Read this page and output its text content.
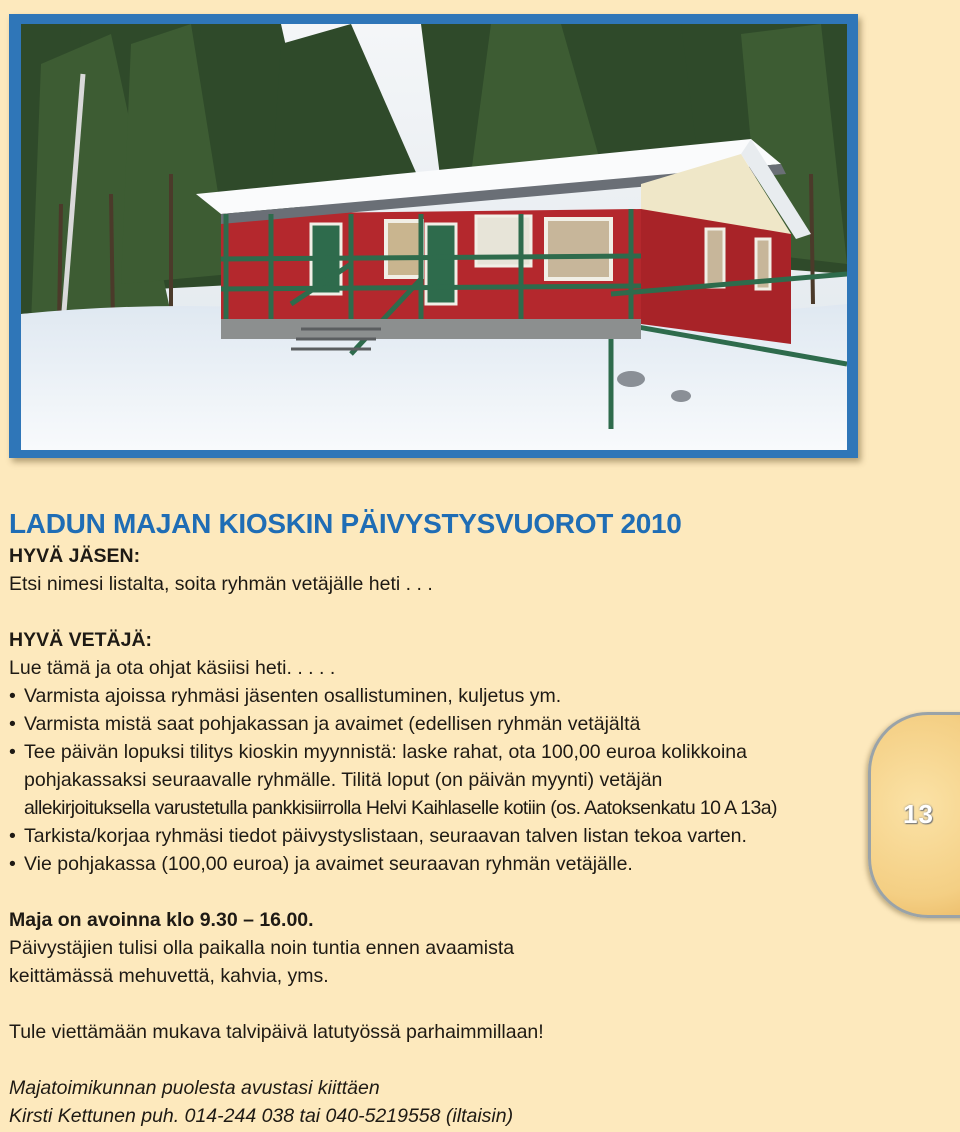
LADUN MAJAN KIOSKIN PÄIVYSTYSVUOROT 2010

HYVÄ JÄSEN:

Etsi nimesi listalta, soita ryhmän vetäjälle heti . . .

HYVÄ VETÄJÄ:

Lue tämä ja ota ohjat käsiisi heti. . . . .

• Varmista ajoissa ryhmäsi jäsenten osallistuminen, kuljetus ym.
• Varmista mistä saat pohjakassan ja avaimet (edellisen ryhmän vetäjältä
• Tee päivän lopuksi tilitys kioskin myynnistä: laske rahat, ota 100,00 euroa kolikkoina
pohjakassaksi seuraavalle ryhmälle. Tilitä loput (on päivän myynti) vetäjän
allekirjoituksella varustetulla pankkisiirrolla Helvi Kaihlaselle kotiin (os. Aatoksenkatu 10 A 13a)
• Tarkista/korjaa ryhmäsi tiedot päivystyslistaan, seuraavan talven listan tekoa varten.
• Vie pohjakassa (100,00 euroa) ja avaimet seuraavan ryhmän vetäjälle.

Maja on avoinna klo 9.30 – 16.00.

Päivystäjien tulisi olla paikalla noin tuntia ennen avaamista

keittämässä mehuvettä, kahvia, yms.

Tule viettämään mukava talvipäivä latutyössä parhaimmillaan!

Majatoimikunnan puolesta avustasi kiittäen

Kirsti Kettunen puh. 014-244 038 tai 040-5219558 (iltaisin)

13
